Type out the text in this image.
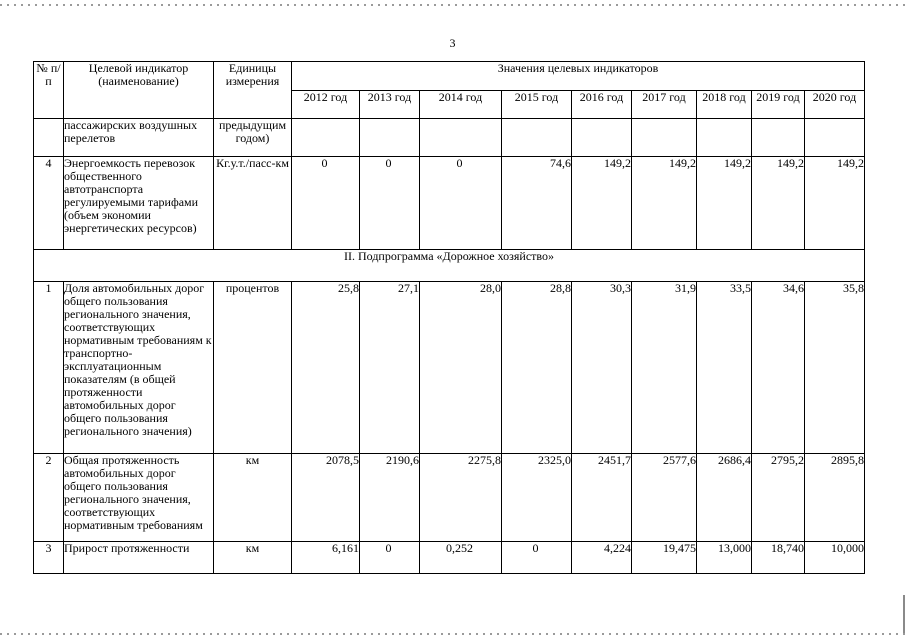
3
№ п/п	Целевой индикатор (наименование)	Единицы измерения	Значения целевых индикаторов								
			2012 год	2013 год	2014 год	2015 год	2016 год	2017 год	2018 год	2019 год	2020 год
	пассажирских воздушных перелетов	предыдущим годом)									
4	Энергоемкость перевозок общественного автотранспорта регулируемыми тарифами (объем экономии энергетических ресурсов)	Кг.у.т./пасс-км	0	0	0	74,6	149,2	149,2	149,2	149,2	149,2
II. Подпрограмма «Дорожное хозяйство»											
1	Доля автомобильных дорог общего пользования регионального значения, соответствующих нормативным требованиям к транспортно-эксплуатационным показателям (в общей протяженности автомобильных дорог общего пользования регионального значения)	процентов	25,8	27,1	28,0	28,8	30,3	31,9	33,5	34,6	35,8
2	Общая протяженность автомобильных дорог общего пользования регионального значения, соответствующих нормативным требованиям	км	2078,5	2190,6	2275,8	2325,0	2451,7	2577,6	2686,4	2795,2	2895,8
3	Прирост протяженности	км	6,161	0	0,252	0	4,224	19,475	13,000	18,740	10,000
